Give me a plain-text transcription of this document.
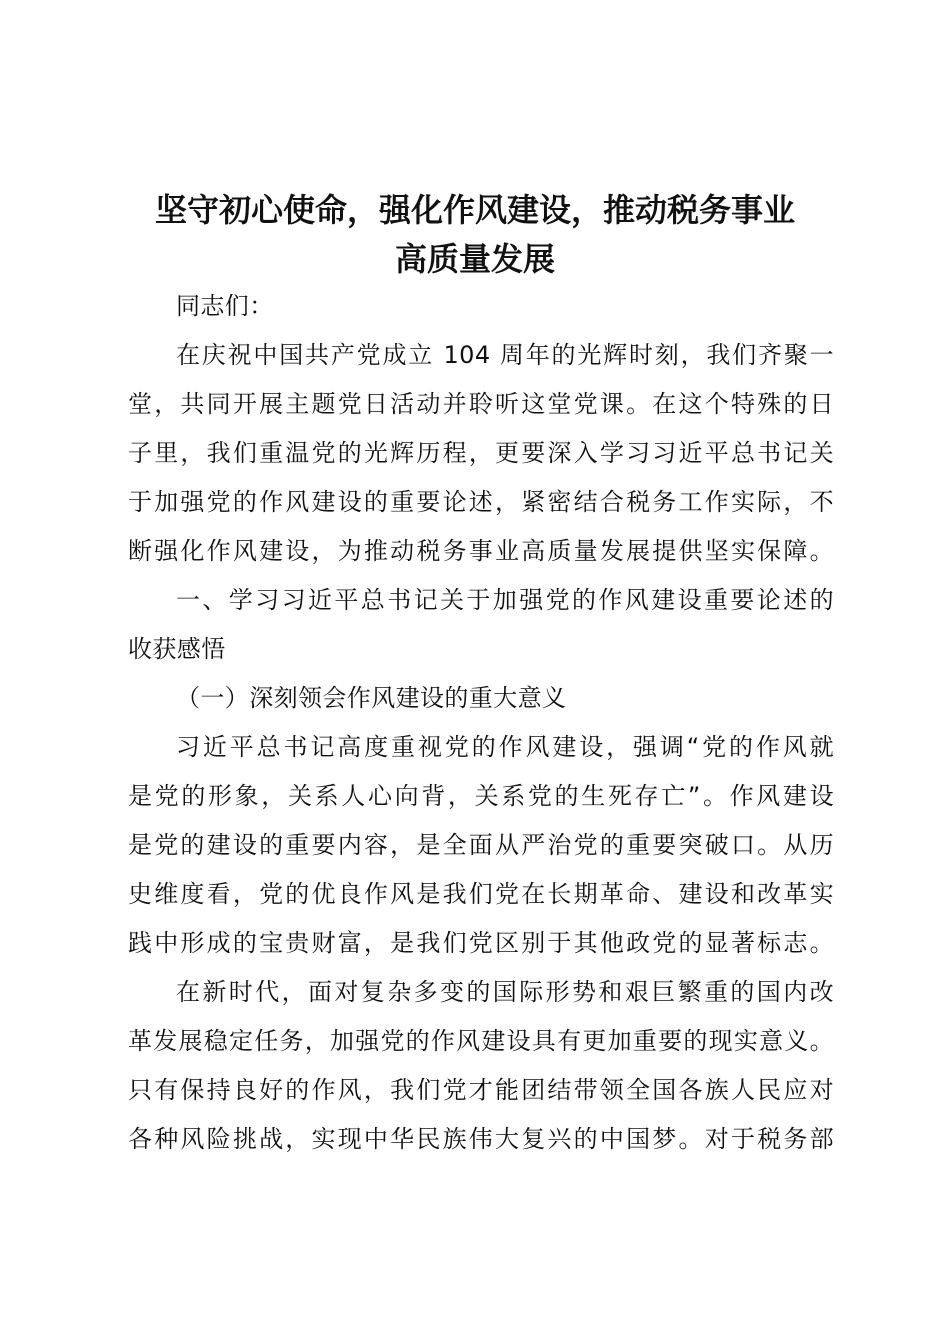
坚守初心使命，强化作风建设，推动税务事业
高质量发展
同志们：
在庆祝中国共产党成立 104 周年的光辉时刻，我们齐聚一
堂，共同开展主题党日活动并聆听这堂党课。在这个特殊的日
子里，我们重温党的光辉历程，更要深入学习习近平总书记关
于加强党的作风建设的重要论述，紧密结合税务工作实际，不
断强化作风建设，为推动税务事业高质量发展提供坚实保障。
一、学习习近平总书记关于加强党的作风建设重要论述的
收获感悟
（一）深刻领会作风建设的重大意义
习近平总书记高度重视党的作风建设，强调“党的作风就
是党的形象，关系人心向背，关系党的生死存亡”。作风建设
是党的建设的重要内容，是全面从严治党的重要突破口。从历
史维度看，党的优良作风是我们党在长期革命、建设和改革实
践中形成的宝贵财富，是我们党区别于其他政党的显著标志。
在新时代，面对复杂多变的国际形势和艰巨繁重的国内改
革发展稳定任务，加强党的作风建设具有更加重要的现实意义。
只有保持良好的作风，我们党才能团结带领全国各族人民应对
各种风险挑战，实现中华民族伟大复兴的中国梦。对于税务部
